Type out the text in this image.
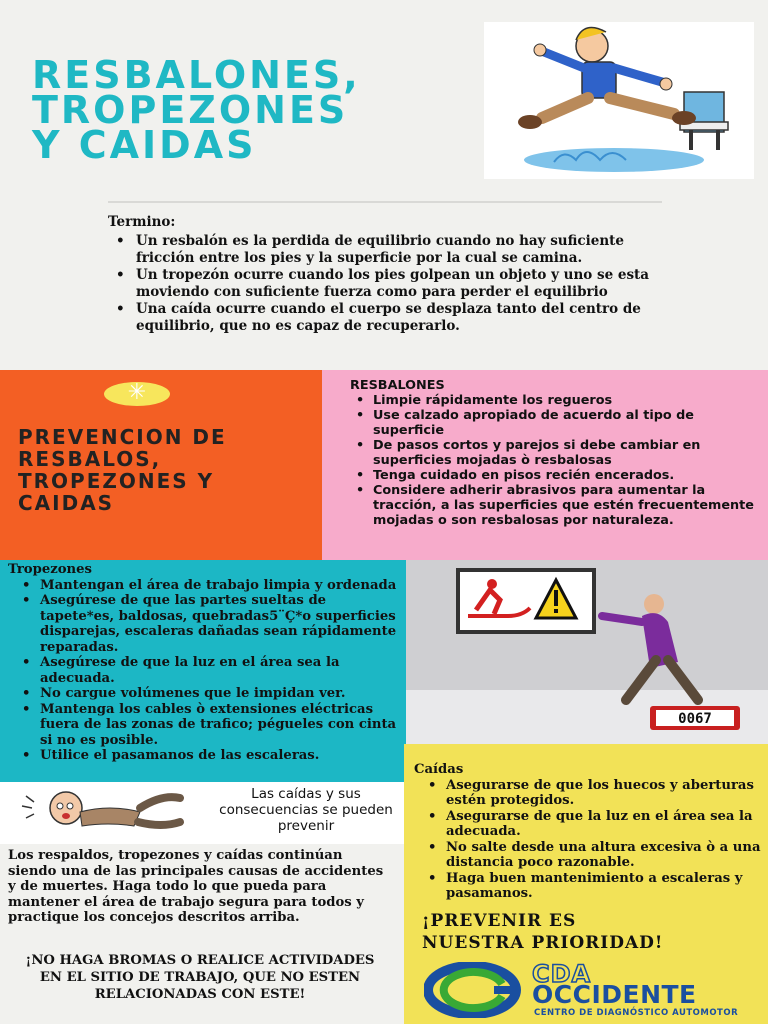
RESBALONES,
TROPEZONES
Y CAIDAS
Termino:
• Un resbalón es la perdida de equilibrio cuando no hay suficiente fricción entre los pies y la superficie por la cual se camina.
• Un tropezón ocurre cuando los pies golpean un objeto y uno se esta moviendo con suficiente fuerza como para perder el equilibrio
• Una caída ocurre cuando el cuerpo se desplaza tanto del centro de equilibrio, que no es capaz de recuperarlo.
✳
PREVENCION DE RESBALOS, TROPEZONES Y CAIDAS
RESBALONES
• Limpie rápidamente los regueros
• Use calzado apropiado de acuerdo al tipo de superficie
• De pasos cortos y parejos si debe cambiar en superficies mojadas ò resbalosas
• Tenga cuidado en pisos recién encerados.
• Considere adherir abrasivos para aumentar la tracción, a las superficies que estén frecuentemente mojadas o son resbalosas por naturaleza.
Tropezones
• Mantengan el área de trabajo limpia y ordenada
• Asegúrese de que las partes sueltas de tapete*es, baldosas, quebradas5¨Ç*o superficies disparejas, escaleras dañadas sean rápidamente reparadas.
• Asegúrese de que la luz en el área sea la adecuada.
• No cargue volúmenes que le impidan ver.
• Mantenga los cables ò extensiones eléctricas fuera de las zonas de trafico; pégueles con cinta si no es posible.
• Utilice el pasamanos de las escaleras.
0067
Las caídas y sus consecuencias se pueden prevenir
Los respaldos, tropezones y caídas continúan siendo una de las principales causas de accidentes y de muertes. Haga todo lo que pueda para mantener el área de trabajo segura para todos y practique los concejos descritos arriba.
¡NO HAGA BROMAS O REALICE ACTIVIDADES EN EL SITIO DE TRABAJO, QUE NO ESTEN RELACIONADAS CON ESTE!
Caídas
• Asegurarse de que los huecos y aberturas estén protegidos.
• Asegurarse de que la luz en el área sea la adecuada.
• No salte desde una altura excesiva ò a una distancia poco razonable.
• Haga buen mantenimiento a escaleras y pasamanos.
¡PREVENIR ES
NUESTRA PRIORIDAD!
CDA
OCCIDENTE
CENTRO DE DIAGNÓSTICO AUTOMOTOR
